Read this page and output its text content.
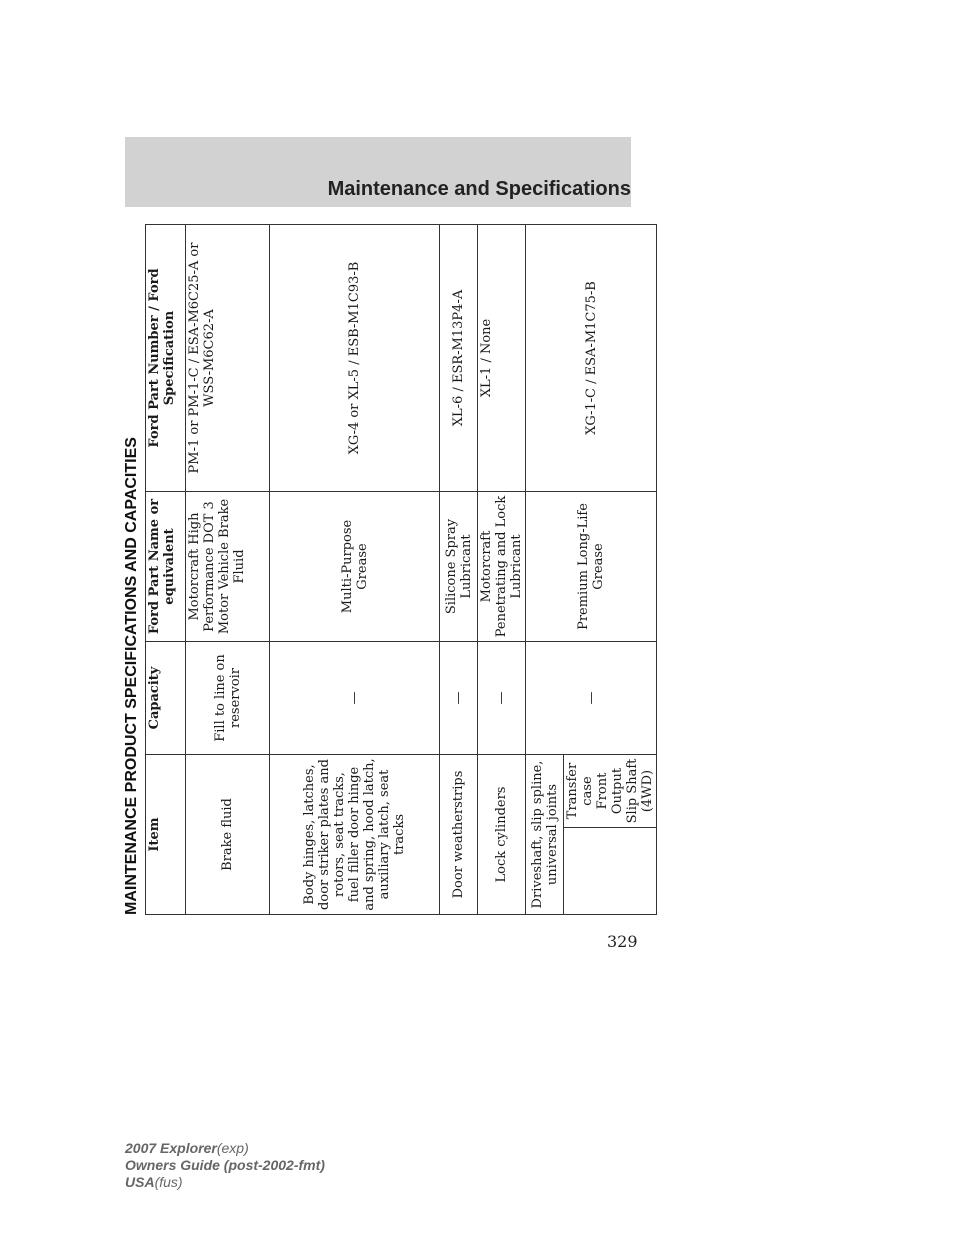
Maintenance and Specifications
MAINTENANCE PRODUCT SPECIFICATIONS AND CAPACITIES Item		Capacity	Ford Part Name or equivalent	Ford Part Number / Ford Specification
Brake fluid		Fill to line on reservoir	Motorcraft High Performance DOT 3 Motor Vehicle Brake Fluid	PM-1 or PM-1-C / ESA-M6C25-A or WSS-M6C62-A
Body hinges, latches, door striker plates and rotors, seat tracks, fuel filler door hinge and spring, hood latch, auxiliary latch, seat tracks		—	Multi-Purpose Grease	XG-4 or XL-5 / ESB-M1C93-B
Door weatherstrips		—	Silicone Spray Lubricant	XL-6 / ESR-M13P4-A
Lock cylinders		—	Motorcraft Penetrating and Lock Lubricant	XL-1 / None
Driveshaft, slip spline, universal joints		—	Premium Long-Life Grease	XG-1-C / ESA-M1C75-B
	Transfer case Front Output Slip Shaft (4WD)			
329
2007 Explorer(exp)
Owners Guide (post-2002-fmt)
USA(fus)
